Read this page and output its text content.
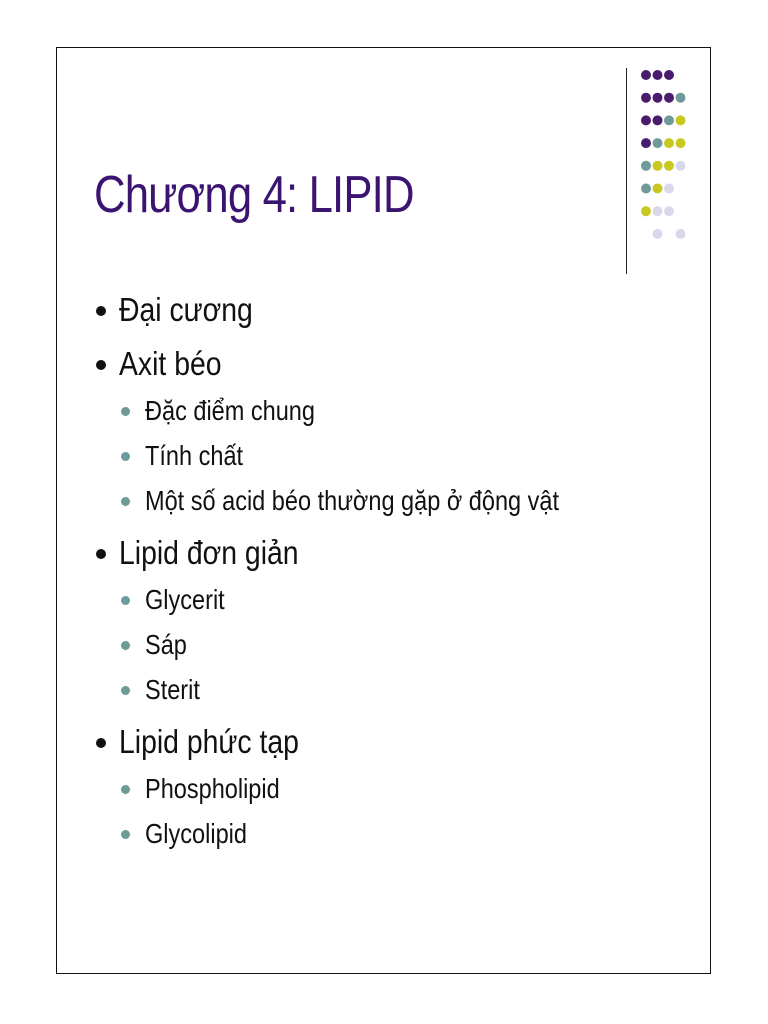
Chương 4: LIPID
Đại cương
Axit béo
Đặc điểm chung
Tính chất
Một số acid béo thường gặp ở động vật
Lipid đơn giản
Glycerit
Sáp
Sterit
Lipid phức tạp
Phospholipid
Glycolipid
